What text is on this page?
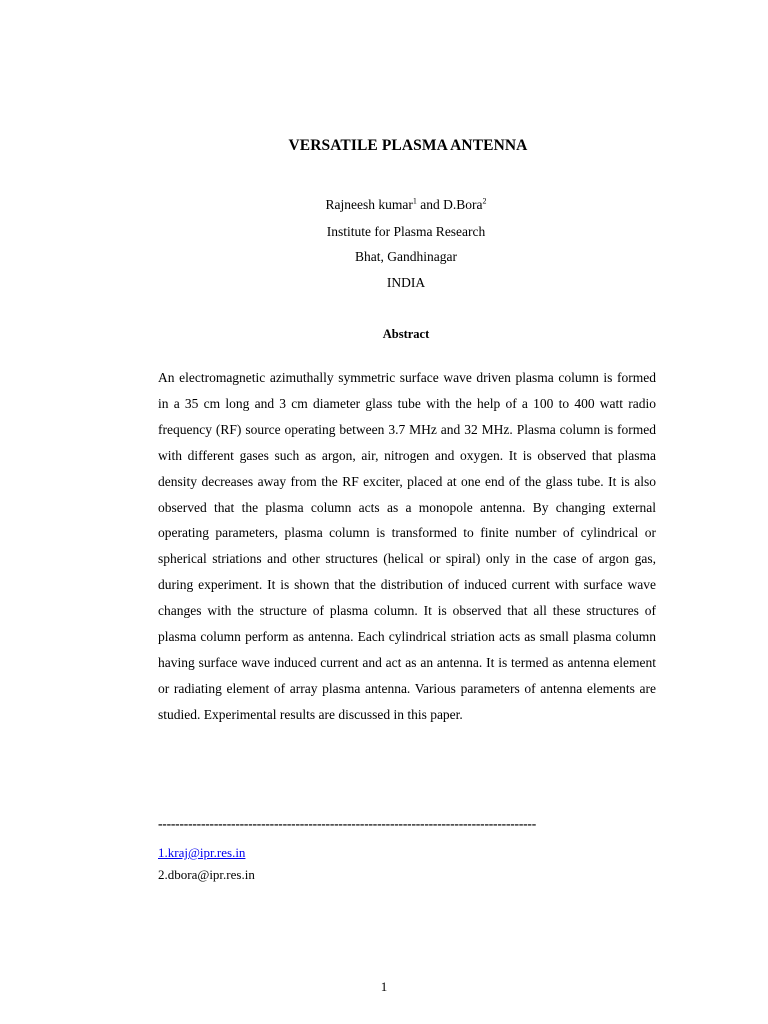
VERSATILE PLASMA ANTENNA
Rajneesh kumar$^1$ and D.Bora$^2$
Institute for Plasma Research
Bhat, Gandhinagar
INDIA
Abstract
An electromagnetic azimuthally symmetric surface wave driven plasma column is formed in a 35 cm long and 3 cm diameter glass tube with the help of a 100 to 400 watt radio frequency (RF) source operating between 3.7 MHz and 32 MHz. Plasma column is formed with different gases such as argon, air, nitrogen and oxygen. It is observed that plasma density decreases away from the RF exciter, placed at one end of the glass tube. It is also observed that the plasma column acts as a monopole antenna. By changing external operating parameters, plasma column is transformed to finite number of cylindrical or spherical striations and other structures (helical or spiral) only in the case of argon gas, during experiment. It is shown that the distribution of induced current with surface wave changes with the structure of plasma column. It is observed that all these structures of plasma column perform as antenna. Each cylindrical striation acts as small plasma column having surface wave induced current and act as an antenna. It is termed as antenna element or radiating element of array plasma antenna. Various parameters of antenna elements are studied. Experimental results are discussed in this paper.
----------------------------------------------------------------------------------------
1.kraj@ipr.res.in
2.dbora@ipr.res.in
1
